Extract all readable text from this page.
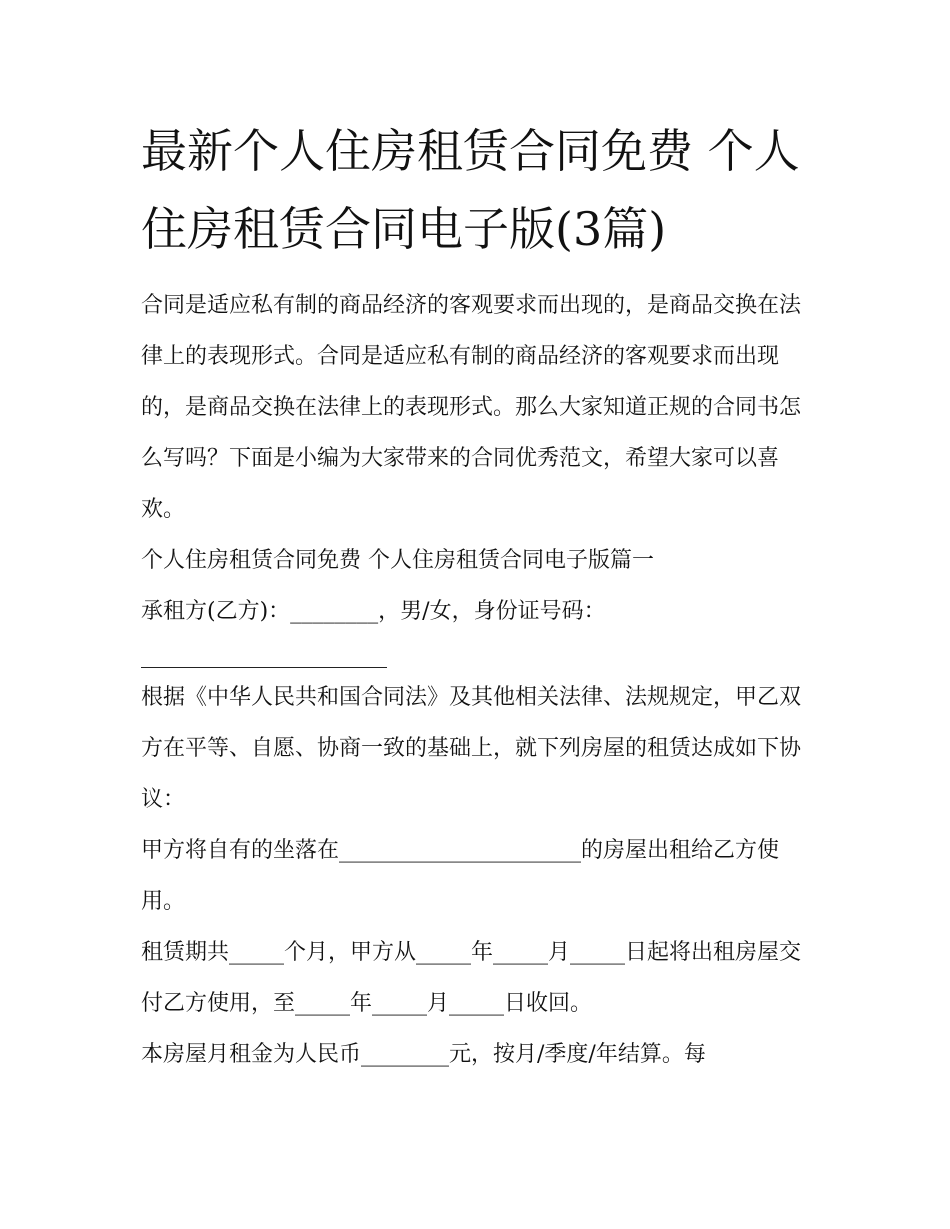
最新个人住房租赁合同免费 个人住房租赁合同电子版(3篇)

合同是适应私有制的商品经济的客观要求而出现的，是商品交换在法律上的表现形式。合同是适应私有制的商品经济的客观要求而出现的，是商品交换在法律上的表现形式。那么大家知道正规的合同书怎么写吗？下面是小编为大家带来的合同优秀范文，希望大家可以喜欢。

个人住房租赁合同免费 个人住房租赁合同电子版篇一

承租方(乙方)：________，男/女，身份证号码：

根据《中华人民共和国合同法》及其他相关法律、法规规定，甲乙双方在平等、自愿、协商一致的基础上，就下列房屋的租赁达成如下协议：

甲方将自有的坐落在______________________的房屋出租给乙方使用。

租赁期共_____个月，甲方从_____年_____月_____日起将出租房屋交付乙方使用，至_____年_____月_____日收回。

本房屋月租金为人民币________元，按月/季度/年结算。每
